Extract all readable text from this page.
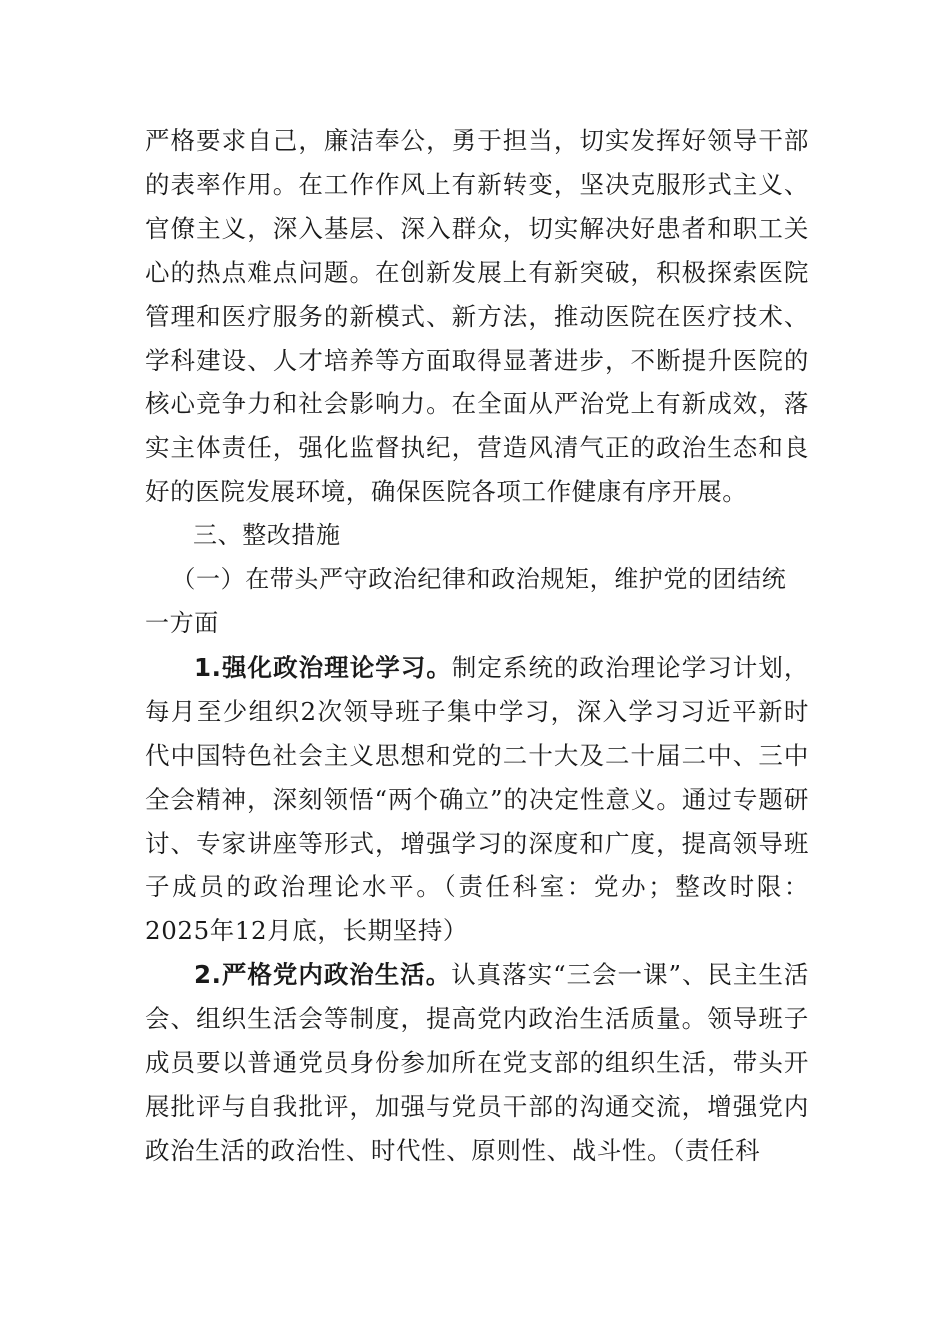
严格要求自己，廉洁奉公，勇于担当，切实发挥好领导干部的表率作用。在工作作风上有新转变，坚决克服形式主义、官僚主义，深入基层、深入群众，切实解决好患者和职工关心的热点难点问题。在创新发展上有新突破，积极探索医院管理和医疗服务的新模式、新方法，推动医院在医疗技术、学科建设、人才培养等方面取得显著进步，不断提升医院的核心竞争力和社会影响力。在全面从严治党上有新成效，落实主体责任，强化监督执纪，营造风清气正的政治生态和良好的医院发展环境，确保医院各项工作健康有序开展。

三、整改措施

（一）在带头严守政治纪律和政治规矩，维护党的团结统一方面

1.强化政治理论学习。制定系统的政治理论学习计划，每月至少组织2次领导班子集中学习，深入学习习近平新时代中国特色社会主义思想和党的二十大及二十届二中、三中全会精神，深刻领悟“两个确立”的决定性意义。通过专题研讨、专家讲座等形式，增强学习的深度和广度，提高领导班子成员的政治理论水平。（责任科室：党办；整改时限：2025年12月底，长期坚持）

2.严格党内政治生活。认真落实“三会一课”、民主生活会、组织生活会等制度，提高党内政治生活质量。领导班子成员要以普通党员身份参加所在党支部的组织生活，带头开展批评与自我批评，加强与党员干部的沟通交流，增强党内政治生活的政治性、时代性、原则性、战斗性。（责任科
